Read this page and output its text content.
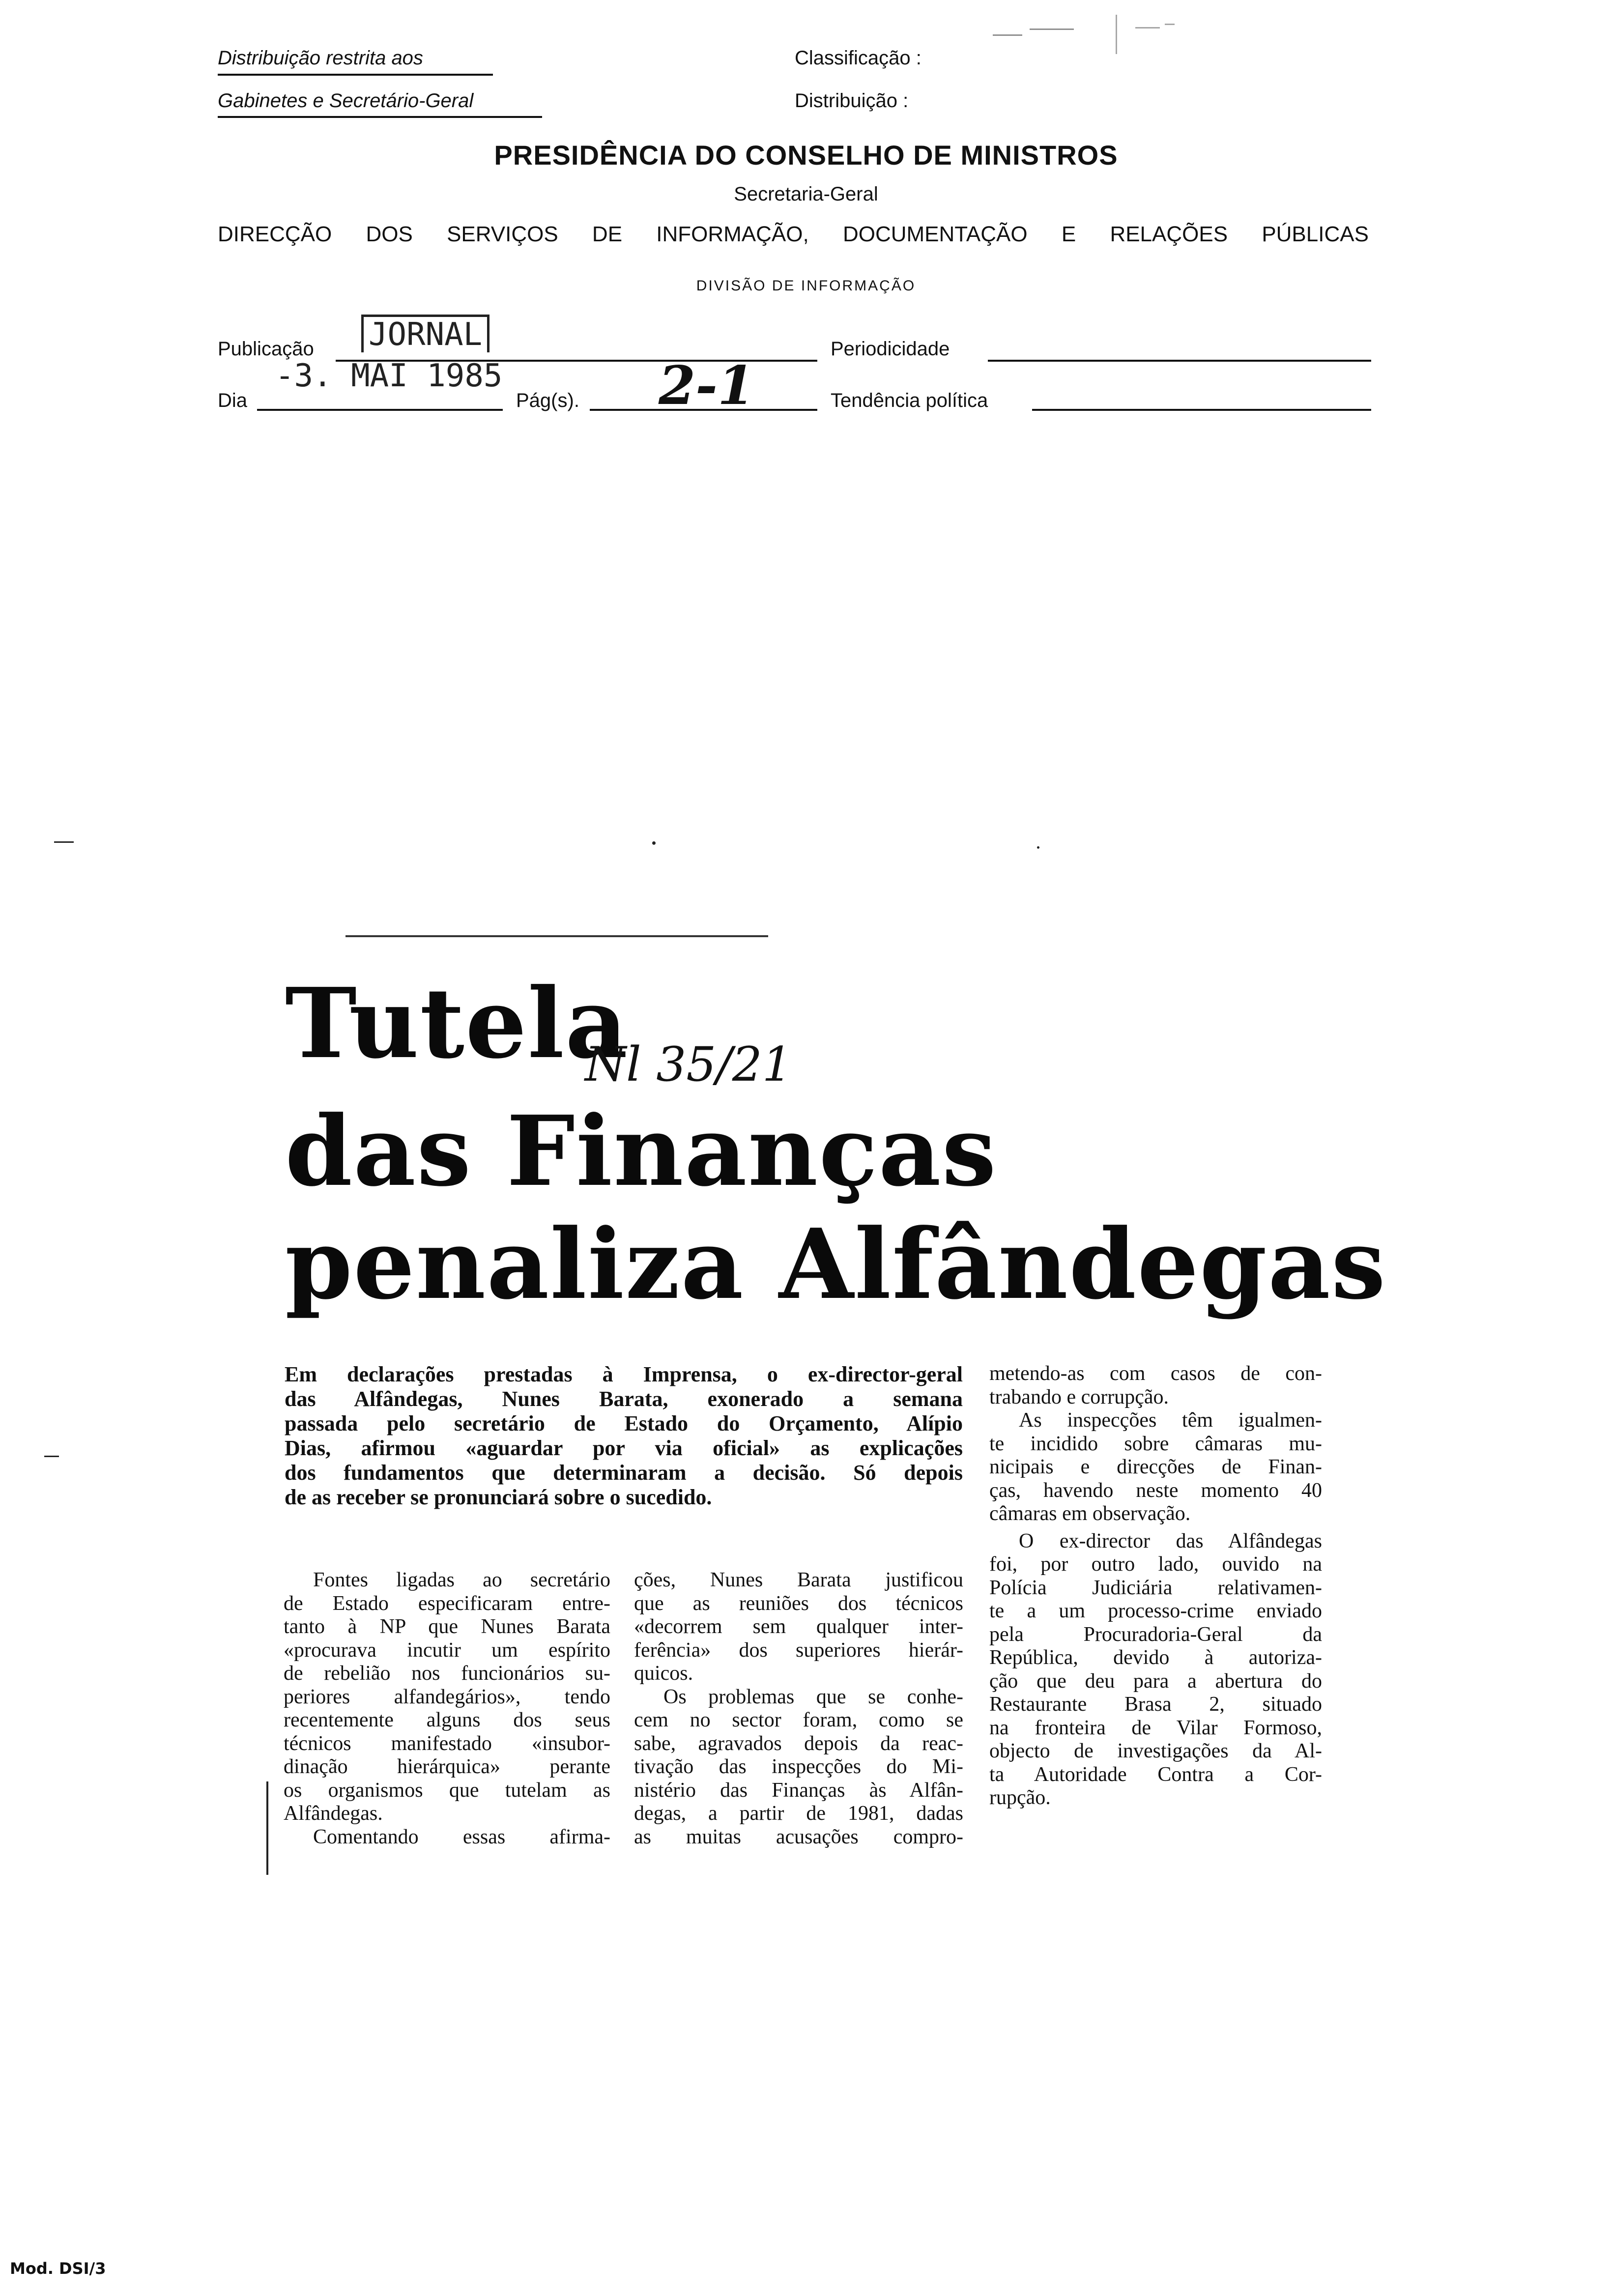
Distribuição restrita aos
Gabinetes e Secretário-Geral
Classificação :
Distribuição :
PRESIDÊNCIA DO CONSELHO DE MINISTROS
Secretaria-Geral
DIRECÇÃO DOS SERVIÇOS DE INFORMAÇÃO, DOCUMENTAÇÃO E RELAÇÕES PÚBLICAS
DIVISÃO DE INFORMAÇÃO
Publicação JORNAL	Periodicidade
Dia
-3. MAI 1985
Pág(s). 2-1	Tendência política
Tutela
das Finanças
penaliza Alfândegas
Nl 35/21
Em declarações prestadas à Imprensa, o ex-director-geral
das Alfândegas, Nunes Barata, exonerado a semana
passada pelo secretário de Estado do Orçamento, Alípio
Dias, afirmou «aguardar por via oficial» as explicações
dos fundamentos que determinaram a decisão. Só depois
de as receber se pronunciará sobre o sucedido.
Fontes ligadas ao secretário
de Estado especificaram entre-
tanto à NP que Nunes Barata
«procurava incutir um espírito
de rebelião nos funcionários su-
periores alfandegários», tendo
recentemente alguns dos seus
técnicos manifestado «insubor-
dinação hierárquica» perante
os organismos que tutelam as
Alfândegas.
Comentando essas afirma-
ções, Nunes Barata justificou
que as reuniões dos técnicos
«decorrem sem qualquer inter-
ferência» dos superiores hierár-
quicos.
Os problemas que se conhe-
cem no sector foram, como se
sabe, agravados depois da reac-
tivação das inspecções do Mi-
nistério das Finanças às Alfân-
degas, a partir de 1981, dadas
as muitas acusações compro-
metendo-as com casos de con-
trabando e corrupção.
As inspecções têm igualmen-
te incidido sobre câmaras mu-
nicipais e direcções de Finan-
ças, havendo neste momento 40
câmaras em observação.
O ex-director das Alfândegas
foi, por outro lado, ouvido na
Polícia Judiciária relativamen-
te a um processo-crime enviado
pela Procuradoria-Geral da
República, devido à autoriza-
ção que deu para a abertura do
Restaurante Brasa 2, situado
na fronteira de Vilar Formoso,
objecto de investigações da Al-
ta Autoridade Contra a Cor-
rupção.
Mod. DSI/3
